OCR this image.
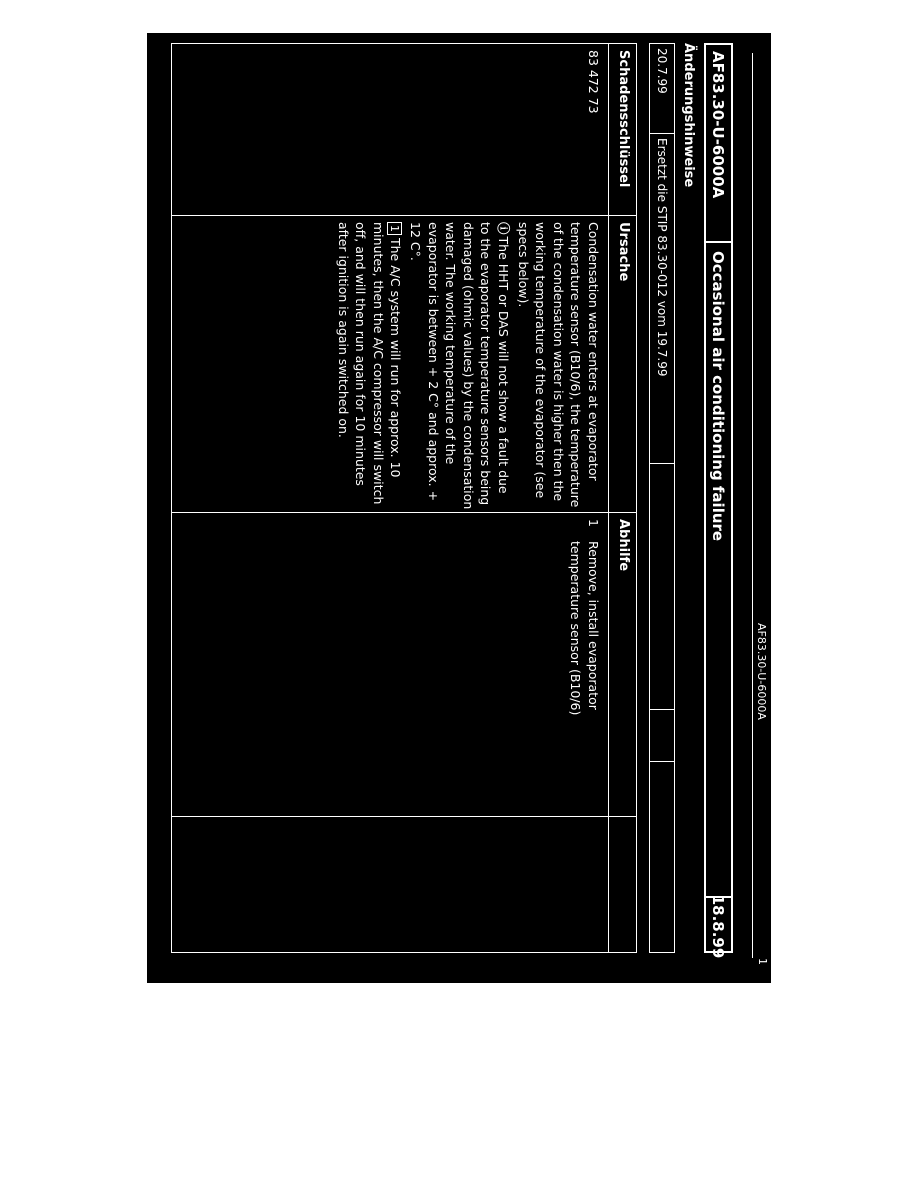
1
AF83.30-U-6000A
AF83.30-U-6000A
Occasional air conditioning failure
18.8.99
Änderungshinweise
20.7.99
Ersetzt die STIP 83.30-012 vom 19.7.99
Schadensschlüssel
83 472 73
Ursache

Condensation water enters at evaporator temperature sensor (B10/6), the temperature of the condensation water is higher then the working temperature of the evaporator (see specs below).

ⓘThe HHT or DAS will not show a fault due to the evaporator temperature sensors being damaged (ohmic values) by the condensation water. The working temperature of the evaporator is between + 2 C° and approx. + 12 C°.

1The A/C system will run for approx. 10 minutes, then the A/C compressor will switch off, and will then run again for 10 minutes after ignition is again switched on.

Abhilfe
1
Remove, install evaporator temperature sensor (B10/6)
